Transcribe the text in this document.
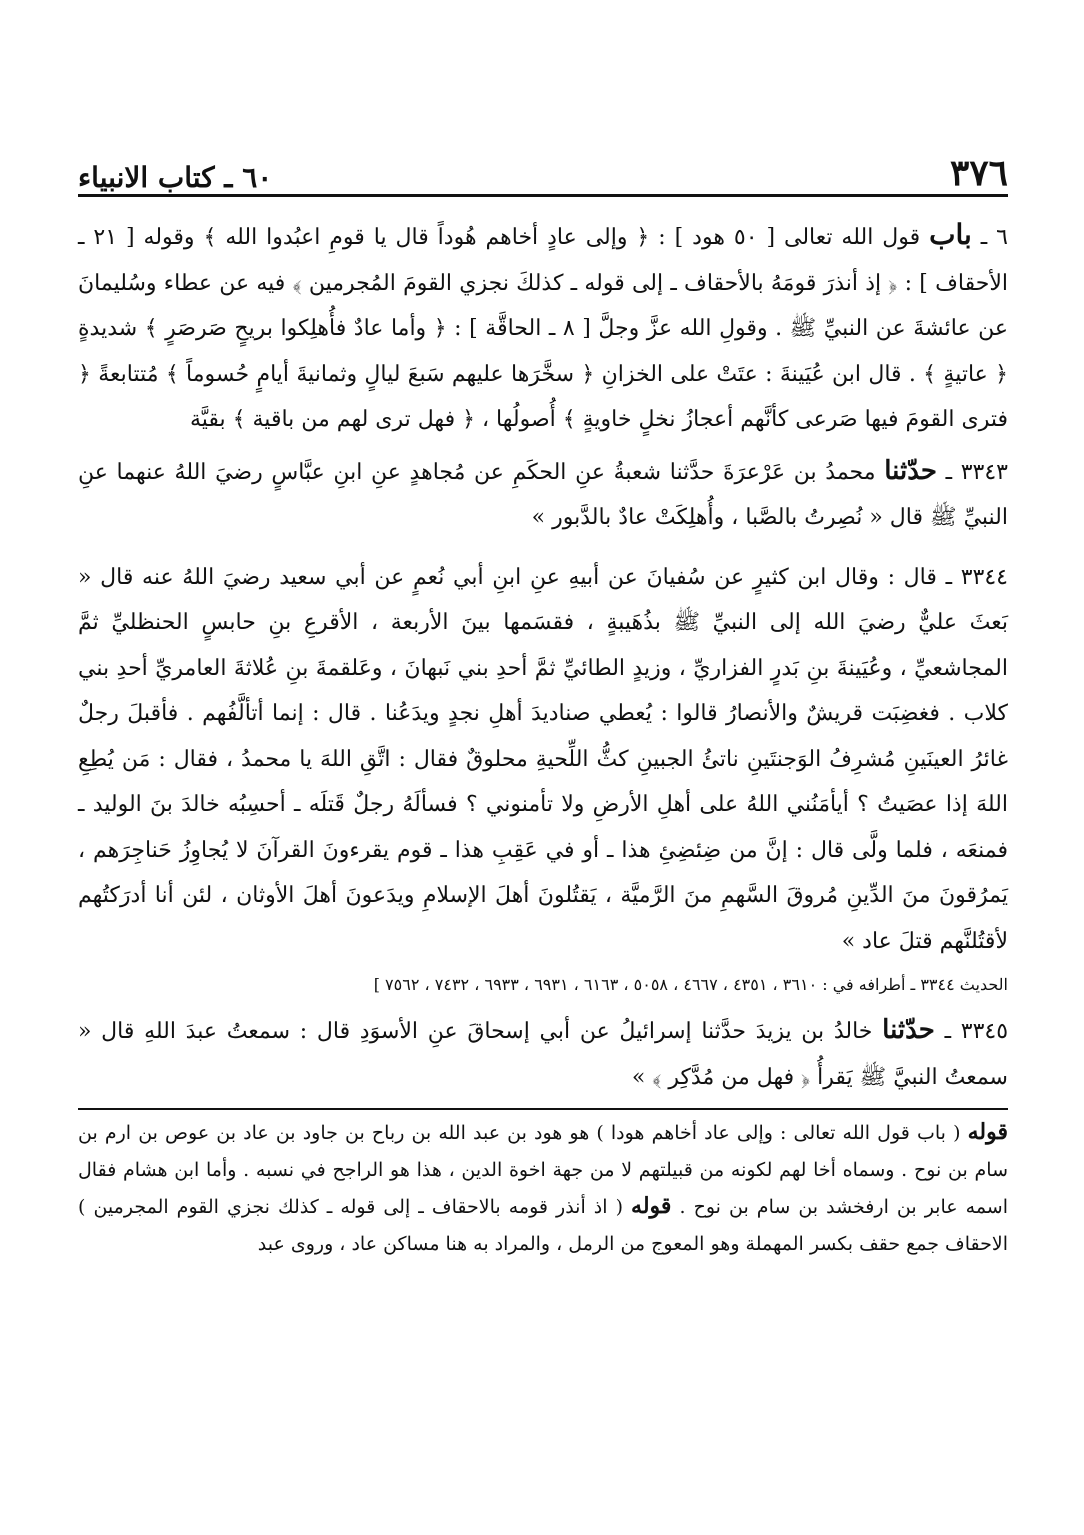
٣٧٦
٦٠ ـ كتاب الانبياء

٦ ـ باب قول الله تعالى [ ٥٠ هود ] : ﴿ وإلى عادٍ أخاهم هُوداً قال يا قومِ اعبُدوا الله ﴾ وقوله [ ٢١ ـ الأحقاف ] : ﴿ إذ أنذرَ قومَهُ بالأحقاف ـ إلى قوله ـ كذلكَ نجزي القومَ المُجرمين ﴾ فيه عن عطاء وسُليمانَ عن عائشةَ عن النبيِّ ﷺ . وقولِ الله عزَّ وجلَّ [ ٨ ـ الحاقَّة ] : ﴿ وأما عادٌ فأُهلِكوا بريحٍ صَرصَرٍ ﴾ شديدةٍ ﴿ عاتيةٍ ﴾ . قال ابن عُيَينةَ : عتَتْ على الخزانِ ﴿ سخَّرَها عليهم سَبعَ ليالٍ وثمانيةَ أيامٍ حُسوماً ﴾ مُتتابعةً ﴿ فترى القومَ فيها صَرعى كأنَّهم أعجازُ نخلٍ خاويةٍ ﴾ أُصولُها ، ﴿ فهل ترى لهم من باقية ﴾ بقيَّة

٣٣٤٣ ـ حدّثنا محمدُ بن عَرْعرَةَ حدَّثنا شعبةُ عنِ الحكَمِ عن مُجاهدٍ عنِ ابنِ عبَّاسٍ رضيَ اللهُ عنهما عنِ النبيِّ ﷺ قال « نُصِرتُ بالصَّبا ، وأُهلِكَتْ عادٌ بالدَّبور »

٣٣٤٤ ـ قال : وقال ابن كثيرٍ عن سُفيانَ عن أبيهِ عنِ ابنِ أبي نُعمٍ عن أبي سعيد رضيَ اللهُ عنه قال « بَعثَ عليٌّ رضيَ الله إلى النبيِّ ﷺ بذُهَيبةٍ ، فقسَمها بينَ الأربعة ، الأقرعِ بنِ حابسٍ الحنظليِّ ثمَّ المجاشعيِّ ، وعُيَينةَ بنِ بَدرٍ الفزاريِّ ، وزيدٍ الطائيِّ ثمَّ أحدِ بني نَبهانَ ، وعَلقمةَ بنِ عُلاثةَ العامريِّ أحدِ بني كلاب . فغضِبَت قريشٌ والأنصارُ قالوا : يُعطي صناديدَ أهلِ نجدٍ ويدَعُنا . قال : إنما أتألَّفُهم . فأقبلَ رجلٌ غائرُ العينَينِ مُشرِفُ الوَجنتَينِ ناتئُ الجبينِ كثُّ اللِّحيةِ محلوقٌ فقال : اتَّقِ اللهَ يا محمدُ ، فقال : مَن يُطِعِ اللهَ إذا عصَيتُ ؟ أيأمَنُني اللهُ على أهلِ الأرضِ ولا تأمنوني ؟ فسألَهُ رجلٌ قَتلَه ـ أحسِبُه خالدَ بنَ الوليد ـ فمنعَه ، فلما ولَّى قال : إنَّ من ضِئضِئِ هذا ـ أو في عَقِبِ هذا ـ قوم يقرءونَ القرآنَ لا يُجاوِزُ حَناجِرَهم ، يَمرُقونَ منَ الدِّينِ مُروقَ السَّهمِ منَ الرَّميَّة ، يَقتُلونَ أهلَ الإسلامِ ويدَعونَ أهلَ الأوثان ، لئن أنا أدرَكتُهم لأقتُلنَّهم قتلَ عاد »

الحديث ٣٣٤٤ ـ أطرافه في : ٣٦١٠ ، ٤٣٥١ ، ٤٦٦٧ ، ٥٠٥٨ ، ٦١٦٣ ، ٦٩٣١ ، ٦٩٣٣ ، ٧٤٣٢ ، ٧٥٦٢ ]

٣٣٤٥ ـ حدّثنا خالدُ بن يزيدَ حدَّثنا إسرائيلُ عن أبي إسحاقَ عنِ الأسوَدِ قال : سمعتُ عبدَ اللهِ قال « سمعتُ النبيَّ ﷺ يَقرأُ ﴿ فهل من مُدَّكِر ﴾ »

قوله ( باب قول الله تعالى : وإلى عاد أخاهم هودا ) هو هود بن عبد الله بن رباح بن جاود بن عاد بن عوص بن ارم بن سام بن نوح . وسماه أخا لهم لكونه من قبيلتهم لا من جهة اخوة الدين ، هذا هو الراجح في نسبه . وأما ابن هشام فقال اسمه عابر بن ارفخشد بن سام بن نوح . قوله ( اذ أنذر قومه بالاحقاف ـ إلى قوله ـ كذلك نجزي القوم المجرمين ) الاحقاف جمع حقف بكسر المهملة وهو المعوج من الرمل ، والمراد به هنا مساكن عاد ، وروى عبد
